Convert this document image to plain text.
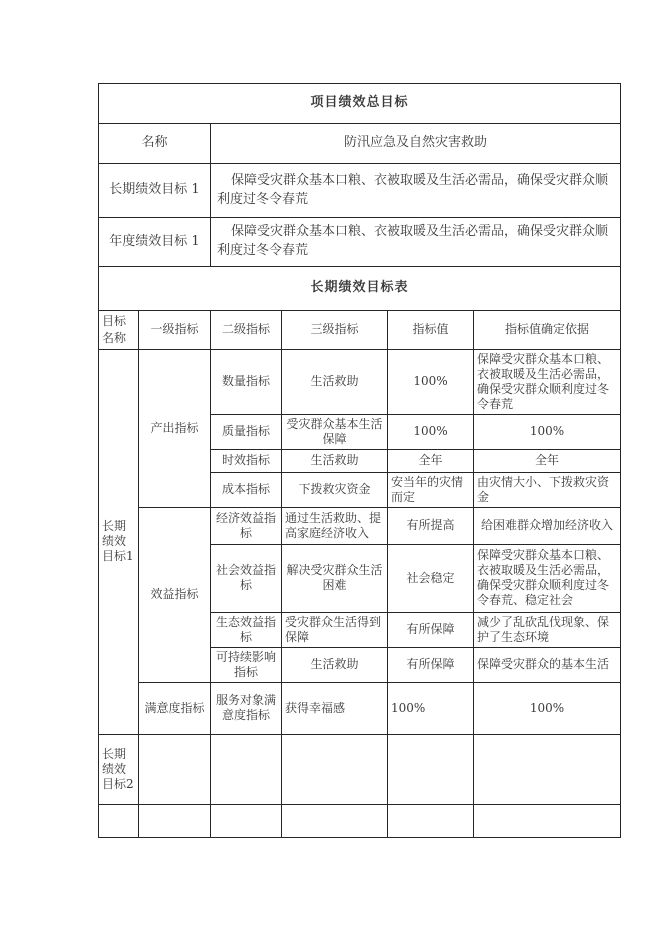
项目绩效总目标					
名称		防汛应急及自然灾害救助			
长期绩效目标 1		保障受灾群众基本口粮、衣被取暖及生活必需品，确保受灾群众顺利度过冬令春荒			
年度绩效目标 1		保障受灾群众基本口粮、衣被取暖及生活必需品，确保受灾群众顺利度过冬令春荒			
长期绩效目标表					
目标名称	一级指标	二级指标	三级指标	指标值	指标值确定依据
长期绩效目标1	产出指标	数量指标	生活救助	100%	保障受灾群众基本口粮、衣被取暖及生活必需品，确保受灾群众顺利度过冬令春荒
		质量指标	受灾群众基本生活保障	100%	100%
		时效指标	生活救助	全年	全年
		成本指标	下拨救灾资金	安当年的灾情而定	由灾情大小、下拨救灾资金
	效益指标	经济效益指标	通过生活救助、提高家庭经济收入	有所提高	给困难群众增加经济收入
		社会效益指标	解决受灾群众生活困难	社会稳定	保障受灾群众基本口粮、衣被取暖及生活必需品，确保受灾群众顺利度过冬令春荒、稳定社会
		生态效益指标	受灾群众生活得到保障	有所保障	减少了乱砍乱伐现象、保护了生态环境
		可持续影响指标	生活救助	有所保障	保障受灾群众的基本生活
	满意度指标	服务对象满意度指标	获得幸福感	100%	100%
长期绩效目标2					
